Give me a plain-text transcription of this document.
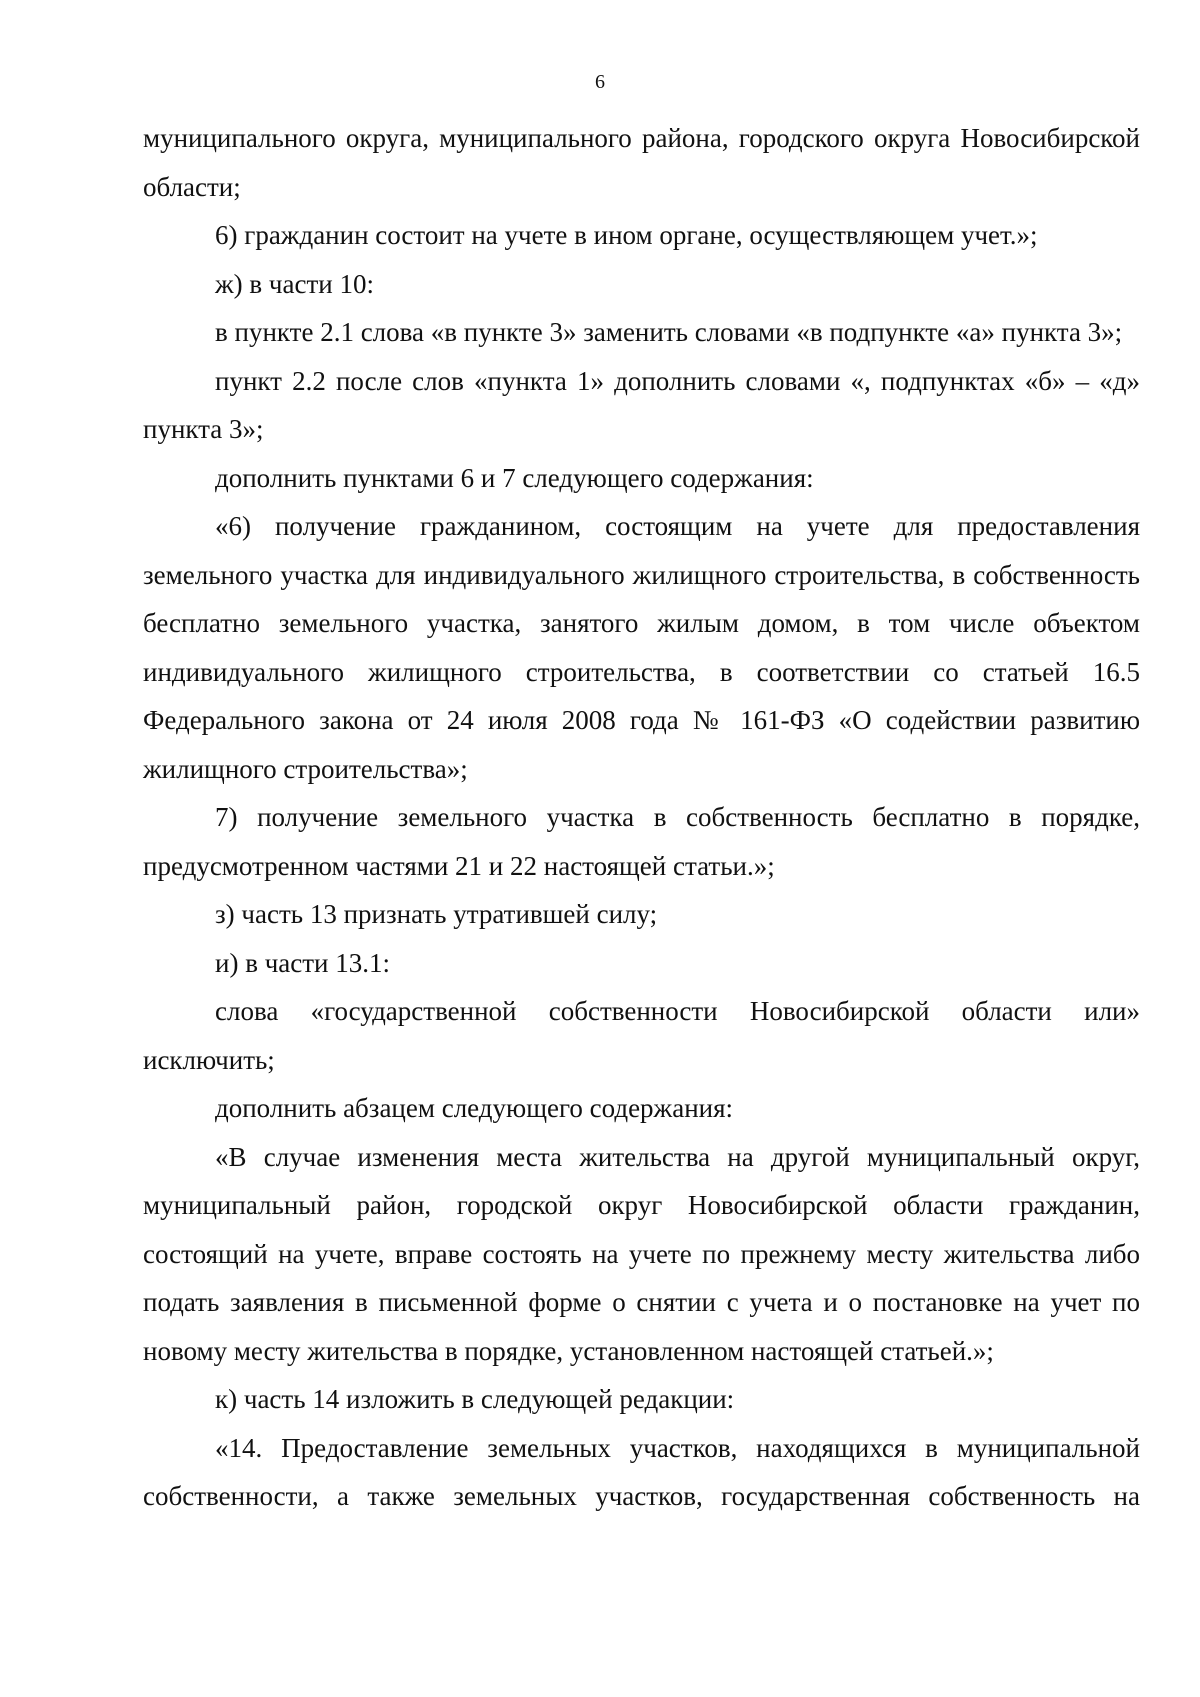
6

муниципального округа, муниципального района, городского округа Новосибирской области;

6) гражданин состоит на учете в ином органе, осуществляющем учет.»;

ж) в части 10:

в пункте 2.1 слова «в пункте 3» заменить словами «в подпункте «а» пункта 3»;

пункт 2.2 после слов «пункта 1» дополнить словами «, подпунктах «б» – «д» пункта 3»;

дополнить пунктами 6 и 7 следующего содержания:

«6) получение гражданином, состоящим на учете для предоставления земельного участка для индивидуального жилищного строительства, в собственность бесплатно земельного участка, занятого жилым домом, в том числе объектом индивидуального жилищного строительства, в соответствии со статьей 16.5 Федерального закона от 24 июля 2008 года № 161-ФЗ «О содействии развитию жилищного строительства»;

7) получение земельного участка в собственность бесплатно в порядке, предусмотренном частями 21 и 22 настоящей статьи.»;

з) часть 13 признать утратившей силу;

и) в части 13.1:

слова «государственной собственности Новосибирской области или» исключить;

дополнить абзацем следующего содержания:

«В случае изменения места жительства на другой муниципальный округ, муниципальный район, городской округ Новосибирской области гражданин, состоящий на учете, вправе состоять на учете по прежнему месту жительства либо подать заявления в письменной форме о снятии с учета и о постановке на учет по новому месту жительства в порядке, установленном настоящей статьей.»;

к) часть 14 изложить в следующей редакции:

«14. Предоставление земельных участков, находящихся в муниципальной собственности, а также земельных участков, государственная собственность на
